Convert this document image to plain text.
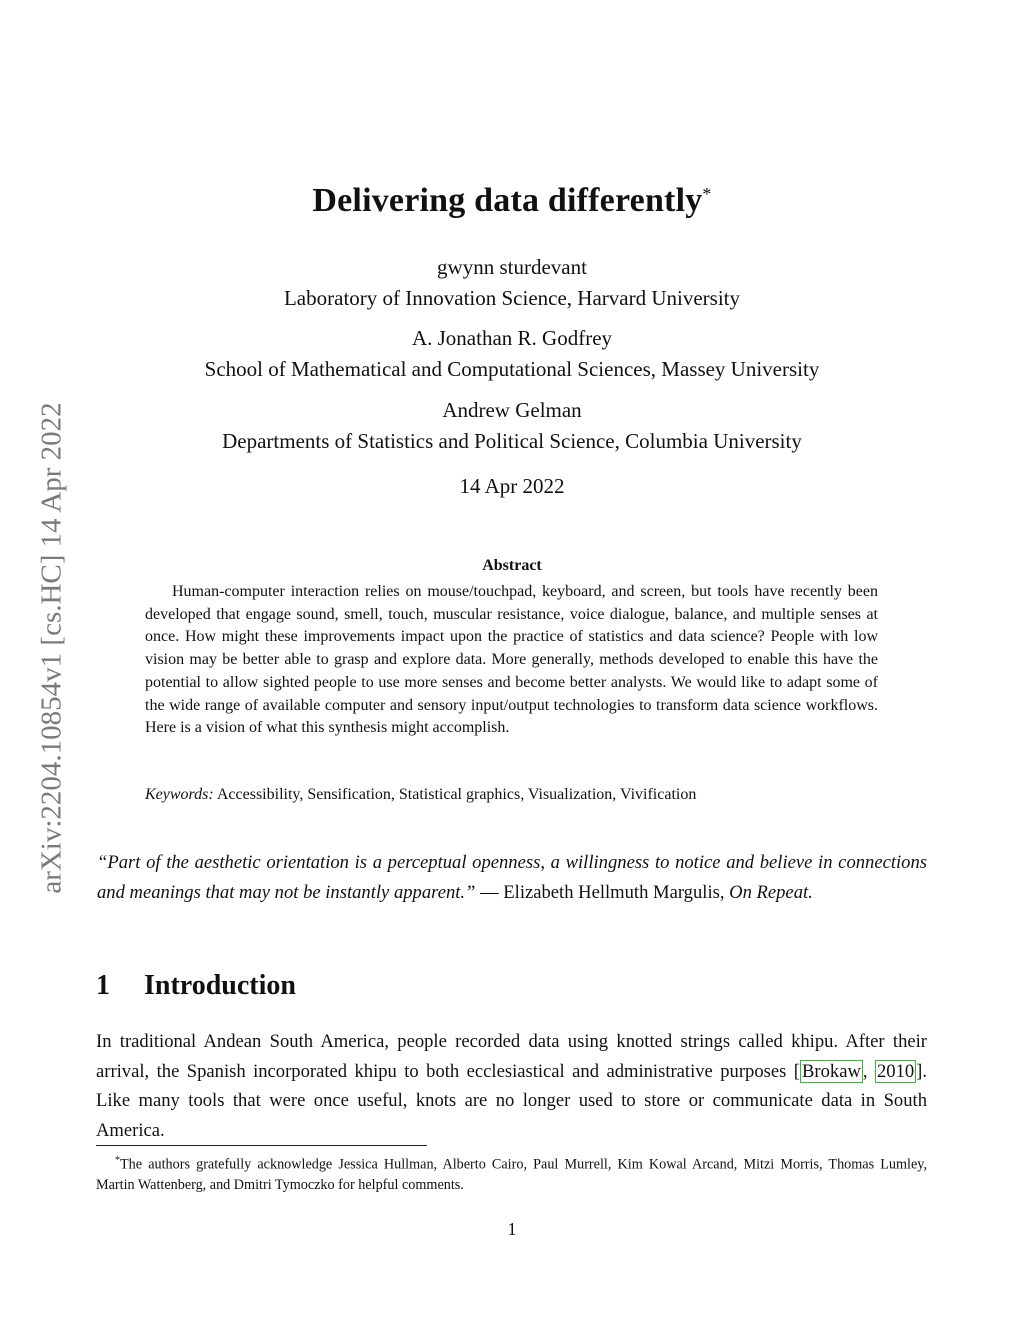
arXiv:2204.10854v1 [cs.HC] 14 Apr 2022
Delivering data differently*
gwynn sturdevant
Laboratory of Innovation Science, Harvard University
A. Jonathan R. Godfrey
School of Mathematical and Computational Sciences, Massey University
Andrew Gelman
Departments of Statistics and Political Science, Columbia University
14 Apr 2022
Abstract
Human-computer interaction relies on mouse/touchpad, keyboard, and screen, but tools have recently been developed that engage sound, smell, touch, muscular resistance, voice dialogue, balance, and multiple senses at once. How might these improvements impact upon the practice of statistics and data science? People with low vision may be better able to grasp and explore data. More generally, methods developed to enable this have the potential to allow sighted people to use more senses and become better analysts. We would like to adapt some of the wide range of available computer and sensory input/output technologies to transform data science workflows. Here is a vision of what this synthesis might accomplish.
Keywords: Accessibility, Sensification, Statistical graphics, Visualization, Vivification
“Part of the aesthetic orientation is a perceptual openness, a willingness to notice and believe in connections and meanings that may not be instantly apparent.” — Elizabeth Hellmuth Margulis, On Repeat.
1 Introduction
In traditional Andean South America, people recorded data using knotted strings called khipu. After their arrival, the Spanish incorporated khipu to both ecclesiastical and administrative purposes [ Brokaw , 2010 ]. Like many tools that were once useful, knots are no longer used to store or communicate data in South America.
*The authors gratefully acknowledge Jessica Hullman, Alberto Cairo, Paul Murrell, Kim Kowal Arcand, Mitzi Morris, Thomas Lumley, Martin Wattenberg, and Dmitri Tymoczko for helpful comments.
1
